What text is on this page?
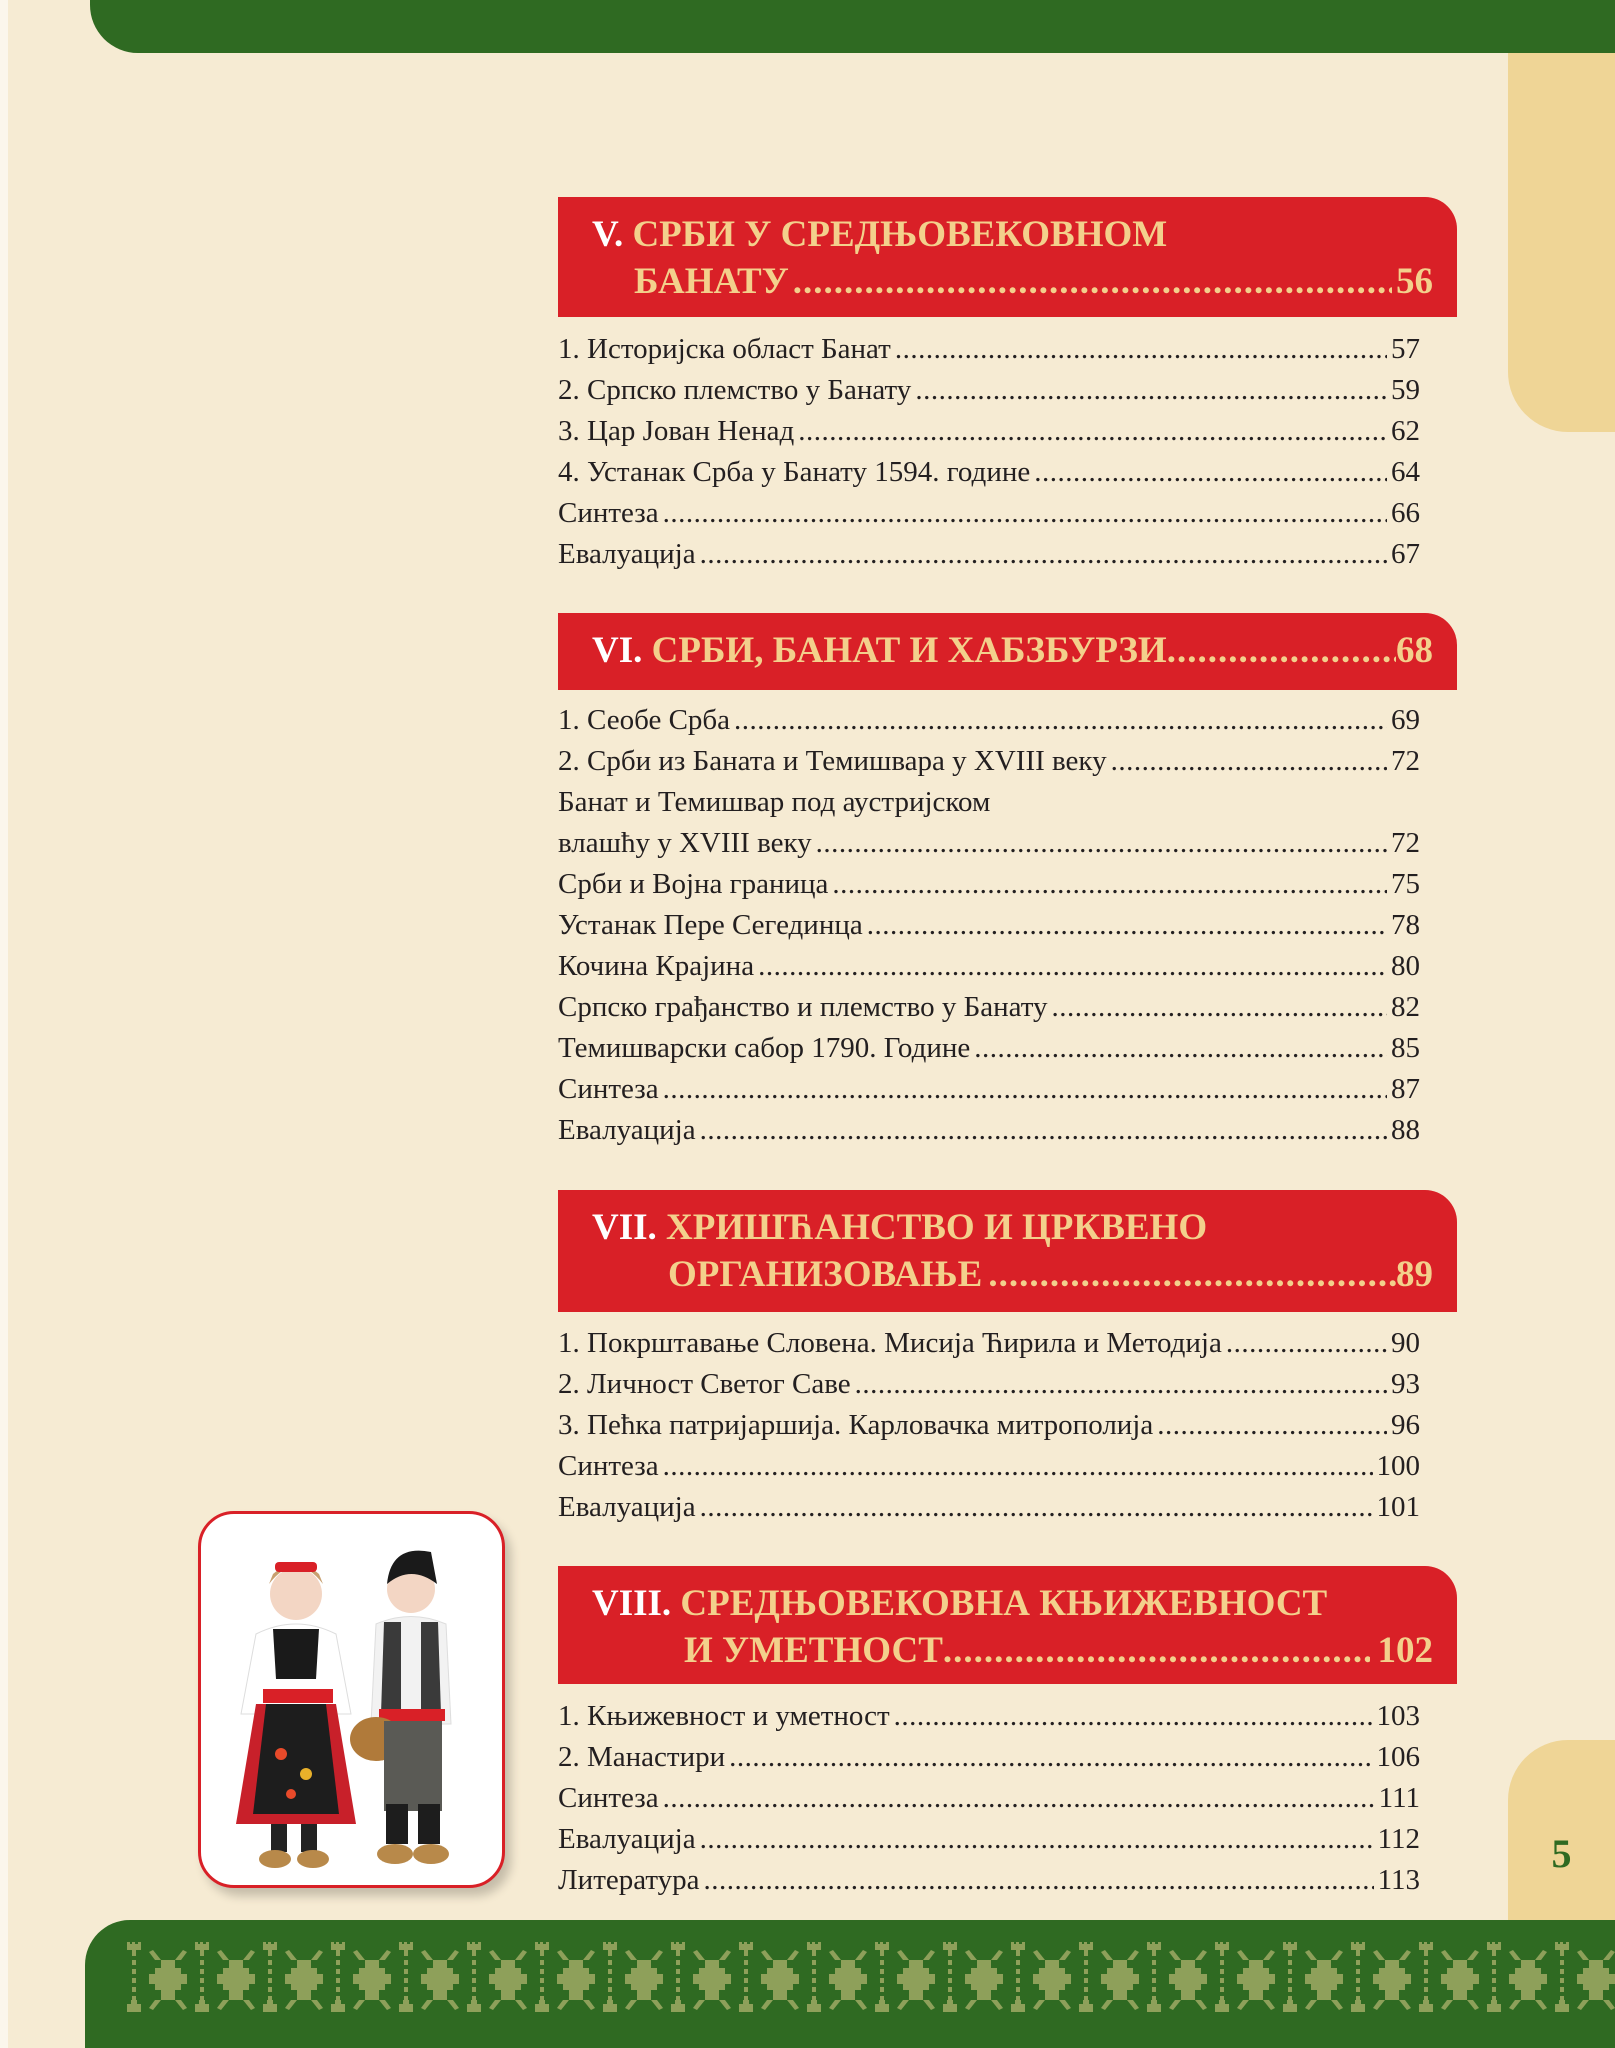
5
V. СРБИ У СРЕДЊОВЕКОВНОМ
БАНАТУ .....	56
1. Историјска област Банат .....	57
2. Српско племство у Банату .....	59
3. Цар Јован Ненад .....	62
4. Устанак Срба у Банату 1594. године .....	64
Синтеза .....	66
Евалуација .....	67
VI.
СРБИ, БАНАТ И ХАБЗБУРЗИ .....	68
1. Сеобе Срба .....	69
2. Срби из Баната и Темишвара у XVIII веку .....	72
Банат и Темишвар под аустријском
влашћу у XVIII веку .....	72
Срби и Војна граница .....	75
Устанак Пере Сегединца .....	78
Кочина Крајина .....	80
Српско грађанство и племство у Банату .....	82
Темишварски сабор 1790. Године .....	85
Синтеза .....	87
Евалуација .....	88
VII. ХРИШЋАНСТВО И ЦРКВЕНО
ОРГАНИЗОВАЊЕ .....	89
1. Покрштавање Словена. Мисија Ћирила и Методија .....	90
2. Личност Светог Саве .....	93
3. Пећка патријаршија. Карловачка митрополија .....	96
Синтеза .....	100
Евалуација .....	101
VIII. СРЕДЊОВЕКОВНА КЊИЖЕВНОСТ
И УМЕТНОСТ .....	102
1. Књижевност и уметност .....	103
2. Манастири .....	106
Синтеза .....	111
Евалуација .....	112
Литература .....	113
